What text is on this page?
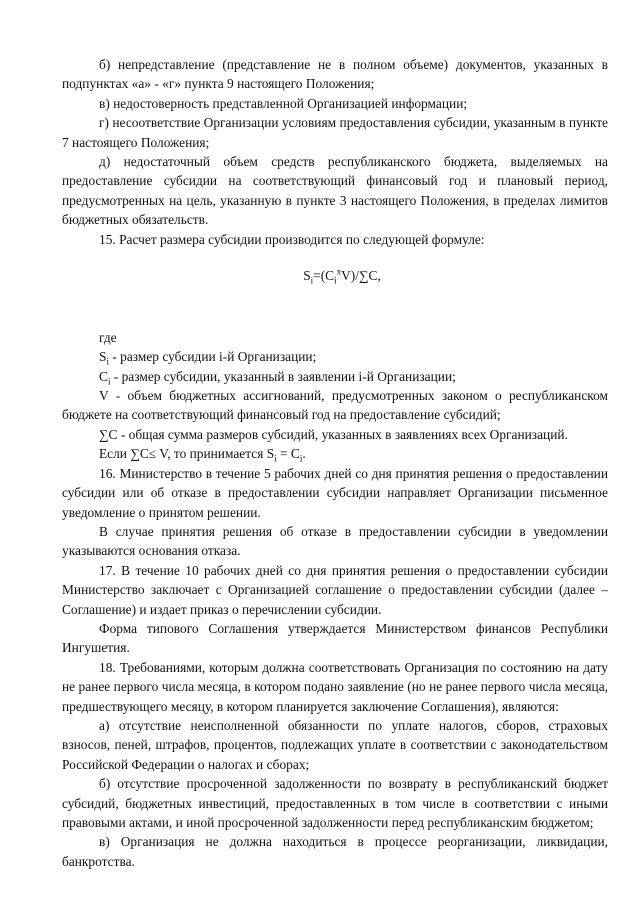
б) непредставление (представление не в полном объеме) документов, указанных в подпунктах «а» - «г» пункта 9 настоящего Положения;

в) недостоверность представленной Организацией информации;

г) несоответствие Организации условиям предоставления субсидии, указанным в пункте 7 настоящего Положения;

д) недостаточный объем средств республиканского бюджета, выделяемых на предоставление субсидии на соответствующий финансовый год и плановый период, предусмотренных на цель, указанную в пункте 3 настоящего Положения, в пределах лимитов бюджетных обязательств.

15. Расчет размера субсидии производится по следующей формуле:

$S_i=(C_i^xV)/\sum C$,

где

$S_i$ - размер субсидии i-й Организации;

$C_i$ - размер субсидии, указанный в заявлении i-й Организации;

V - объем бюджетных ассигнований, предусмотренных законом о республиканском бюджете на соответствующий финансовый год на предоставление субсидий;

∑C - общая сумма размеров субсидий, указанных в заявлениях всех Организаций.

Если ∑C≤ V, то принимается $S_i = C_i$.

16. Министерство в течение 5 рабочих дней со дня принятия решения о предоставлении субсидии или об отказе в предоставлении субсидии направляет Организации письменное уведомление о принятом решении.

В случае принятия решения об отказе в предоставлении субсидии в уведомлении указываются основания отказа.

17. В течение 10 рабочих дней со дня принятия решения о предоставлении субсидии Министерство заключает с Организацией соглашение о предоставлении субсидии (далее – Соглашение) и издает приказ о перечислении субсидии.

Форма типового Соглашения утверждается Министерством финансов Республики Ингушетия.

18. Требованиями, которым должна соответствовать Организация по состоянию на дату не ранее первого числа месяца, в котором подано заявление (но не ранее первого числа месяца, предшествующего месяцу, в котором планируется заключение Соглашения), являются:

а) отсутствие неисполненной обязанности по уплате налогов, сборов, страховых взносов, пеней, штрафов, процентов, подлежащих уплате в соответствии с законодательством Российской Федерации о налогах и сборах;

б) отсутствие просроченной задолженности по возврату в республиканский бюджет субсидий, бюджетных инвестиций, предоставленных в том числе в соответствии с иными правовыми актами, и иной просроченной задолженности перед республиканским бюджетом;

в) Организация не должна находиться в процессе реорганизации, ликвидации, банкротства.
